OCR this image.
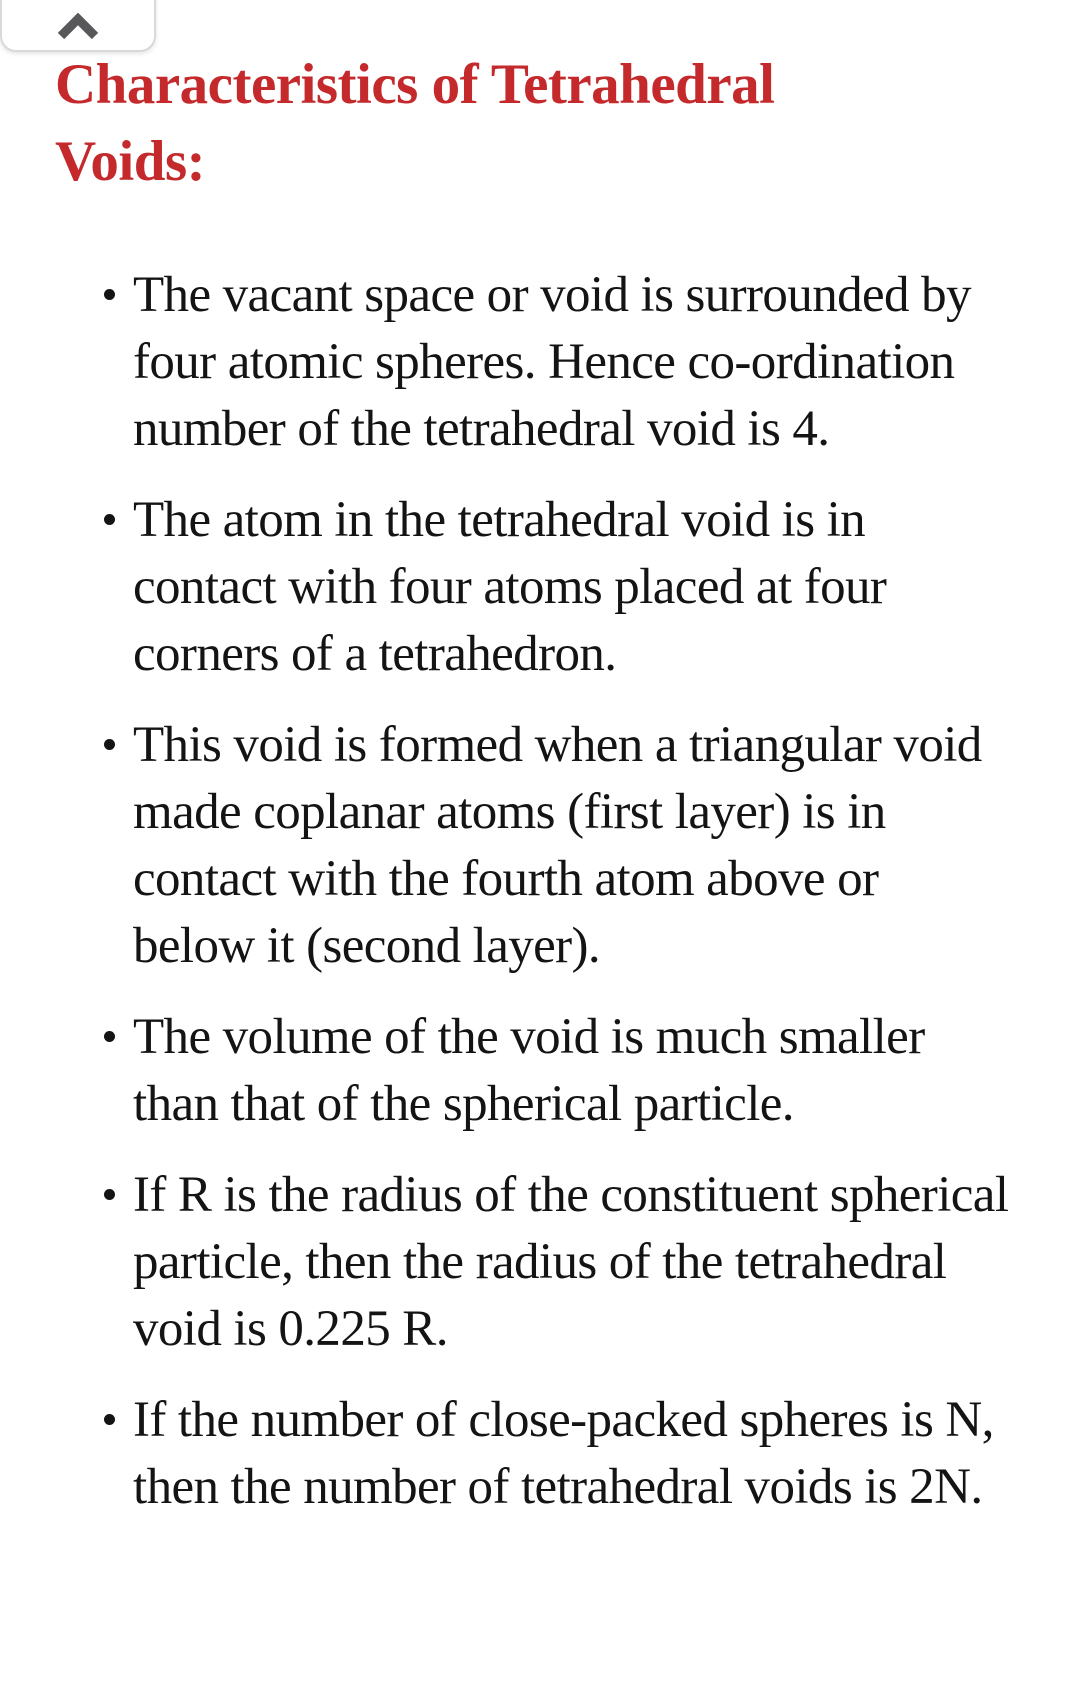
Characteristics of Tetrahedral Voids:
The vacant space or void is surrounded by four atomic spheres. Hence co-ordination number of the tetrahedral void is 4.
The atom in the tetrahedral void is in contact with four atoms placed at four corners of a tetrahedron.
This void is formed when a triangular void made coplanar atoms (first layer) is in contact with the fourth atom above or below it (second layer).
The volume of the void is much smaller than that of the spherical particle.
If R is the radius of the constituent spherical particle, then the radius of the tetrahedral void is 0.225 R.
If the number of close-packed spheres is N, then the number of tetrahedral voids is 2N.
